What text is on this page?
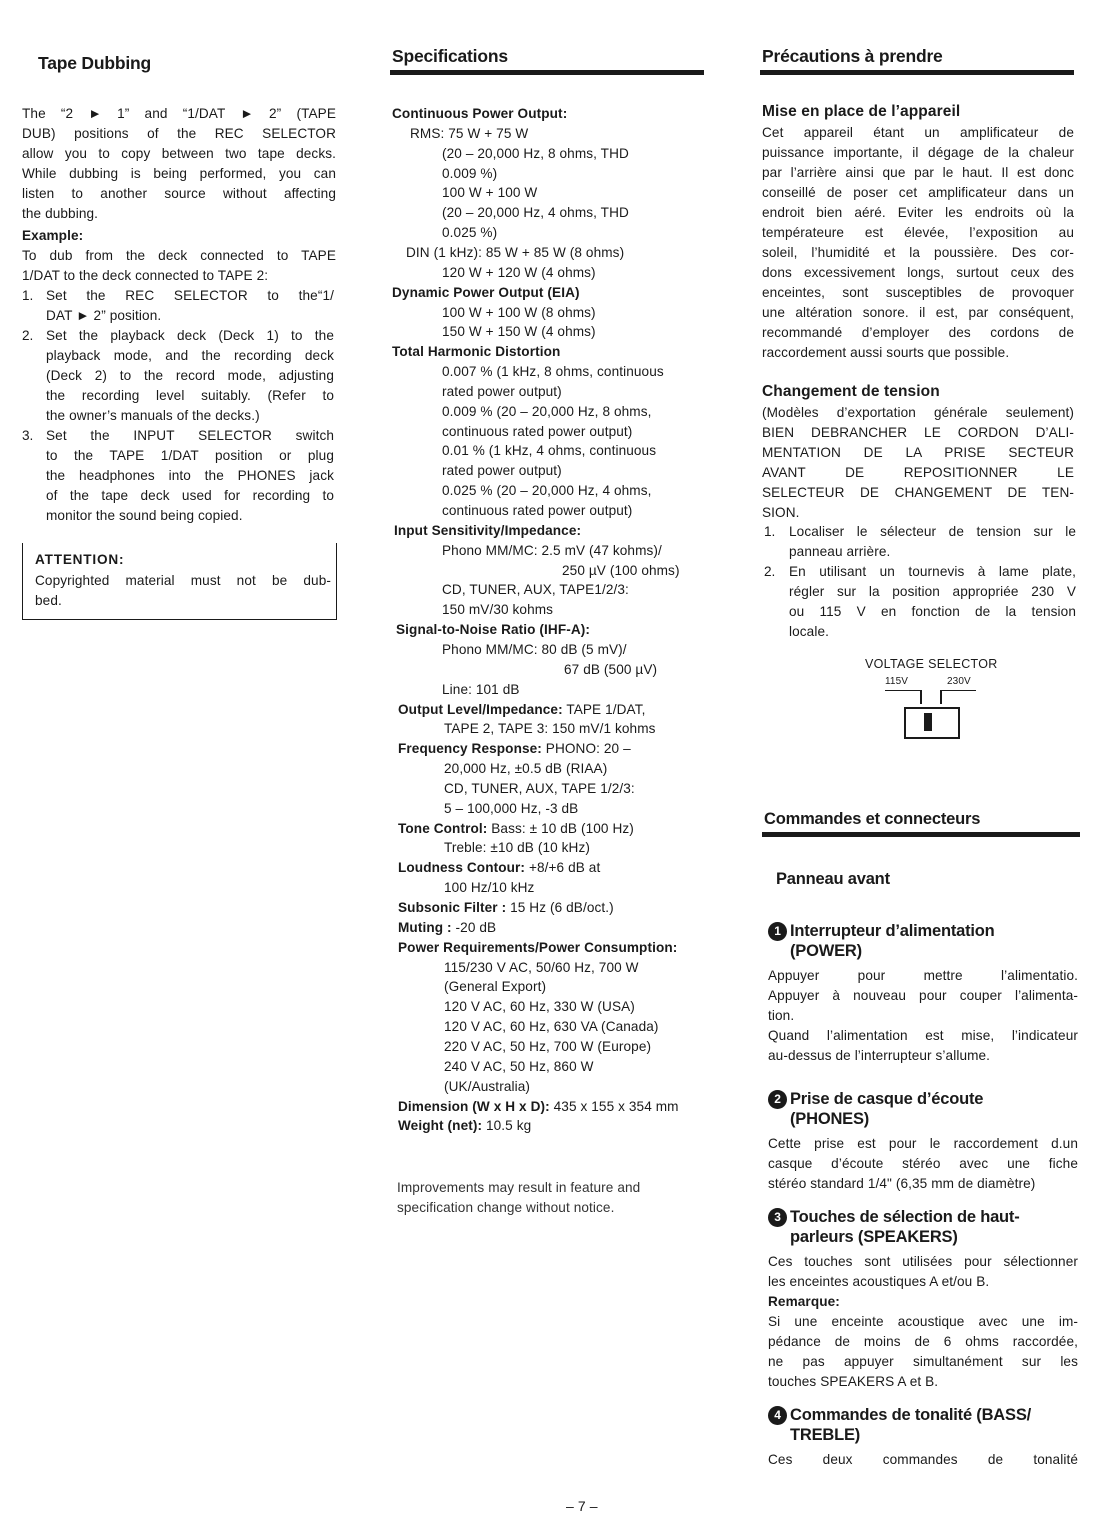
Tape Dubbing
The “2 ► 1” and “1/DAT ► 2” (TAPE
DUB) positions of the REC SELECTOR
allow you to copy between two tape decks.
While dubbing is being performed, you can
listen to another source without affecting
the dubbing.
Example:
To dub from the deck connected to TAPE
1/DAT to the deck connected to TAPE 2:
1. Set the REC SELECTOR to the“1/
DAT ► 2” position.
2. Set the playback deck (Deck 1) to the
playback mode, and the recording deck
(Deck 2) to the record mode, adjusting
the recording level suitably. (Refer to
the owner’s manuals of the decks.)
3. Set the INPUT SELECTOR switch
to the TAPE 1/DAT position or plug
the headphones into the PHONES jack
of the tape deck used for recording to
monitor the sound being copied.
ATTENTION:
Copyrighted material must not be dub-
bed.
Specifications
Continuous Power Output:
RMS: 75 W + 75 W
(20 – 20,000 Hz, 8 ohms, THD
0.009 %)
100 W + 100 W
(20 – 20,000 Hz, 4 ohms, THD
0.025 %)
DIN (1 kHz): 85 W + 85 W (8 ohms)
120 W + 120 W (4 ohms)
Dynamic Power Output (EIA)
100 W + 100 W (8 ohms)
150 W + 150 W (4 ohms)
Total Harmonic Distortion
0.007 % (1 kHz, 8 ohms, continuous
rated power output)
0.009 % (20 – 20,000 Hz, 8 ohms,
continuous rated power output)
0.01 % (1 kHz, 4 ohms, continuous
rated power output)
0.025 % (20 – 20,000 Hz, 4 ohms,
continuous rated power output)
Input Sensitivity/Impedance:
Phono MM/MC: 2.5 mV (47 kohms)/
250 µV (100 ohms)
CD, TUNER, AUX, TAPE1/2/3:
150 mV/30 kohms
Signal-to-Noise Ratio (IHF-A):
Phono MM/MC: 80 dB (5 mV)/
67 dB (500 µV)
Line: 101 dB
Output Level/Impedance: TAPE 1/DAT,
TAPE 2, TAPE 3: 150 mV/1 kohms
Frequency Response: PHONO: 20 –
20,000 Hz, ±0.5 dB (RIAA)
CD, TUNER, AUX, TAPE 1/2/3:
5 – 100,000 Hz, -3 dB
Tone Control: Bass: ± 10 dB (100 Hz)
Treble: ±10 dB (10 kHz)
Loudness Contour: +8/+6 dB at
100 Hz/10 kHz
Subsonic Filter : 15 Hz (6 dB/oct.)
Muting : -20 dB
Power Requirements/Power Consumption:
115/230 V AC, 50/60 Hz, 700 W
(General Export)
120 V AC, 60 Hz, 330 W (USA)
120 V AC, 60 Hz, 630 VA (Canada)
220 V AC, 50 Hz, 700 W (Europe)
240 V AC, 50 Hz, 860 W
(UK/Australia)
Dimension (W x H x D): 435 x 155 x 354 mm
Weight (net): 10.5 kg
Improvements may result in feature and
specification change without notice.
Précautions à prendre
Mise en place de l’appareil
Cet appareil étant un amplificateur de
puissance importante, il dégage de la chaleur
par l’arrière ainsi que par le haut. Il est donc
conseillé de poser cet amplificateur dans un
endroit bien aéré. Eviter les endroits où la
températeure est élevée, l’exposition au
soleil, l’humidité et la poussière. Des cor-
dons excessivement longs, surtout ceux des
enceintes, sont susceptibles de provoquer
une altération sonore. il est, par conséquent,
recommandé d’employer des cordons de
raccordement aussi sourts que possible.
Changement de tension
(Modèles d’exportation générale seulement)
BIEN DEBRANCHER LE CORDON D’ALI-
MENTATION DE LA PRISE SECTEUR
AVANT DE REPOSITIONNER LE
SELECTEUR DE CHANGEMENT DE TEN-
SION.
1. Localiser le sélecteur de tension sur le
panneau arrière.
2. En utilisant un tournevis à lame plate,
régler sur la position appropriée 230 V
ou 115 V en fonction de la tension
locale.
VOLTAGE SELECTOR
115V	230V
Commandes et connecteurs
Panneau avant
1 Interrupteur d’alimentation
(POWER)
Appuyer pour mettre l’alimentatio.
Appuyer à nouveau pour couper l’alimenta-
tion.
Quand l’alimentation est mise, l’indicateur
au-dessus de l’interrupteur s’allume.
2 Prise de casque d’écoute
(PHONES)
Cette prise est pour le raccordement d.un
casque d’écoute stéréo avec une fiche
stéréo standard 1/4" (6,35 mm de diamètre)
3 Touches de sélection de haut-
parleurs (SPEAKERS)
Ces touches sont utilisées pour sélectionner
les enceintes acoustiques A et/ou B.
Remarque:
Si une enceinte acoustique avec une im-
pédance de moins de 6 ohms raccordée,
ne pas appuyer simultanément sur les
touches SPEAKERS A et B.
4 Commandes de tonalité (BASS/
TREBLE)
Ces deux commandes de tonalité
– 7 –
